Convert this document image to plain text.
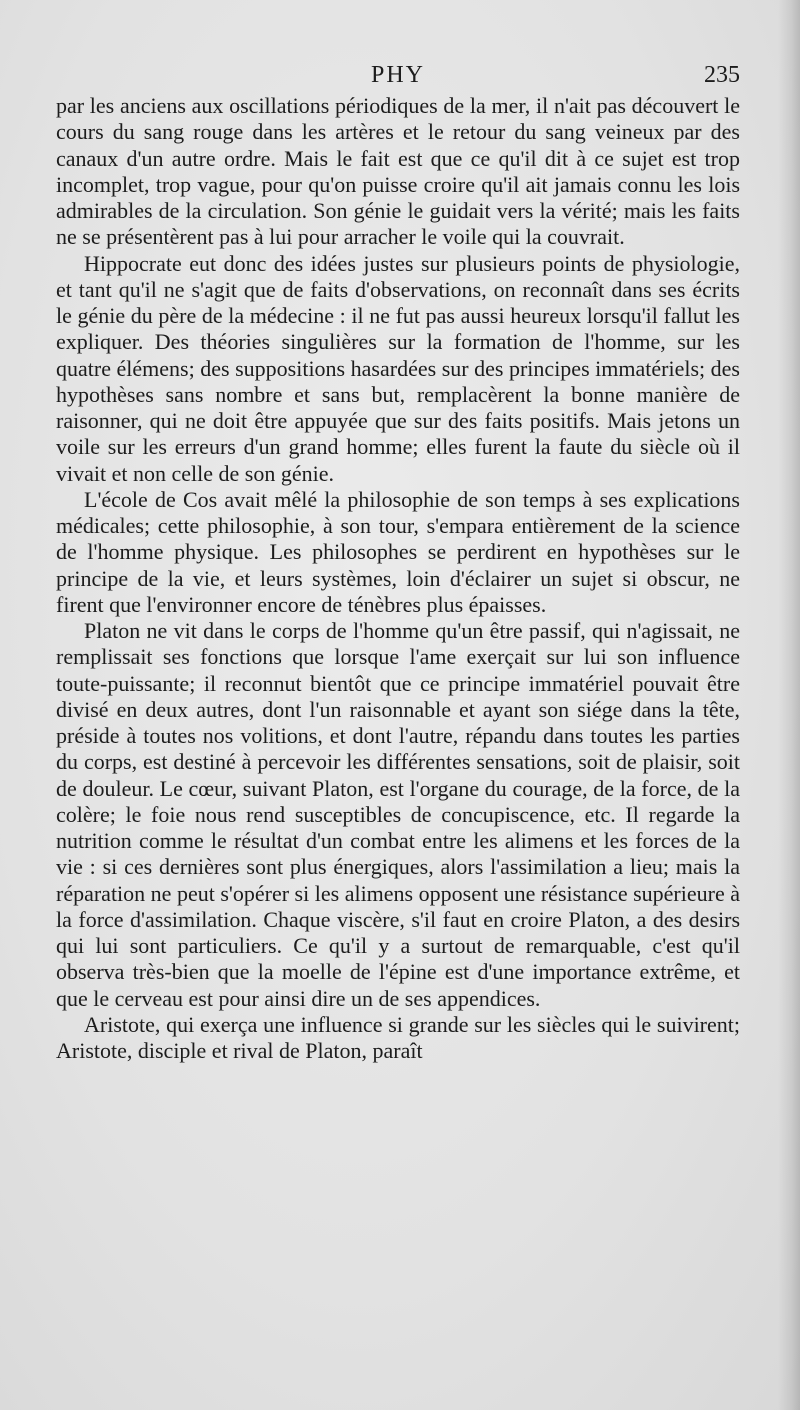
PHY	235

par les anciens aux oscillations périodiques de la mer, il n'ait pas découvert le cours du sang rouge dans les artères et le retour du sang veineux par des canaux d'un autre ordre. Mais le fait est que ce qu'il dit à ce sujet est trop incomplet, trop vague, pour qu'on puisse croire qu'il ait jamais connu les lois admirables de la circulation. Son génie le guidait vers la vérité; mais les faits ne se présentèrent pas à lui pour arracher le voile qui la couvrait.

Hippocrate eut donc des idées justes sur plusieurs points de physiologie, et tant qu'il ne s'agit que de faits d'observations, on reconnaît dans ses écrits le génie du père de la médecine : il ne fut pas aussi heureux lorsqu'il fallut les expliquer. Des théories singulières sur la formation de l'homme, sur les quatre élémens; des suppositions hasardées sur des principes immatériels; des hypothèses sans nombre et sans but, remplacèrent la bonne manière de raisonner, qui ne doit être appuyée que sur des faits positifs. Mais jetons un voile sur les erreurs d'un grand homme; elles furent la faute du siècle où il vivait et non celle de son génie.

L'école de Cos avait mêlé la philosophie de son temps à ses explications médicales; cette philosophie, à son tour, s'empara entièrement de la science de l'homme physique. Les philosophes se perdirent en hypothèses sur le principe de la vie, et leurs systèmes, loin d'éclairer un sujet si obscur, ne firent que l'environner encore de ténèbres plus épaisses.

Platon ne vit dans le corps de l'homme qu'un être passif, qui n'agissait, ne remplissait ses fonctions que lorsque l'ame exerçait sur lui son influence toute-puissante; il reconnut bientôt que ce principe immatériel pouvait être divisé en deux autres, dont l'un raisonnable et ayant son siége dans la tête, préside à toutes nos volitions, et dont l'autre, répandu dans toutes les parties du corps, est destiné à percevoir les différentes sensations, soit de plaisir, soit de douleur. Le cœur, suivant Platon, est l'organe du courage, de la force, de la colère; le foie nous rend susceptibles de concupiscence, etc. Il regarde la nutrition comme le résultat d'un combat entre les alimens et les forces de la vie : si ces dernières sont plus énergiques, alors l'assimilation a lieu; mais la réparation ne peut s'opérer si les alimens opposent une résistance supérieure à la force d'assimilation. Chaque viscère, s'il faut en croire Platon, a des desirs qui lui sont particuliers. Ce qu'il y a surtout de remarquable, c'est qu'il observa très-bien que la moelle de l'épine est d'une importance extrême, et que le cerveau est pour ainsi dire un de ses appendices.

Aristote, qui exerça une influence si grande sur les siècles qui le suivirent; Aristote, disciple et rival de Platon, paraît
